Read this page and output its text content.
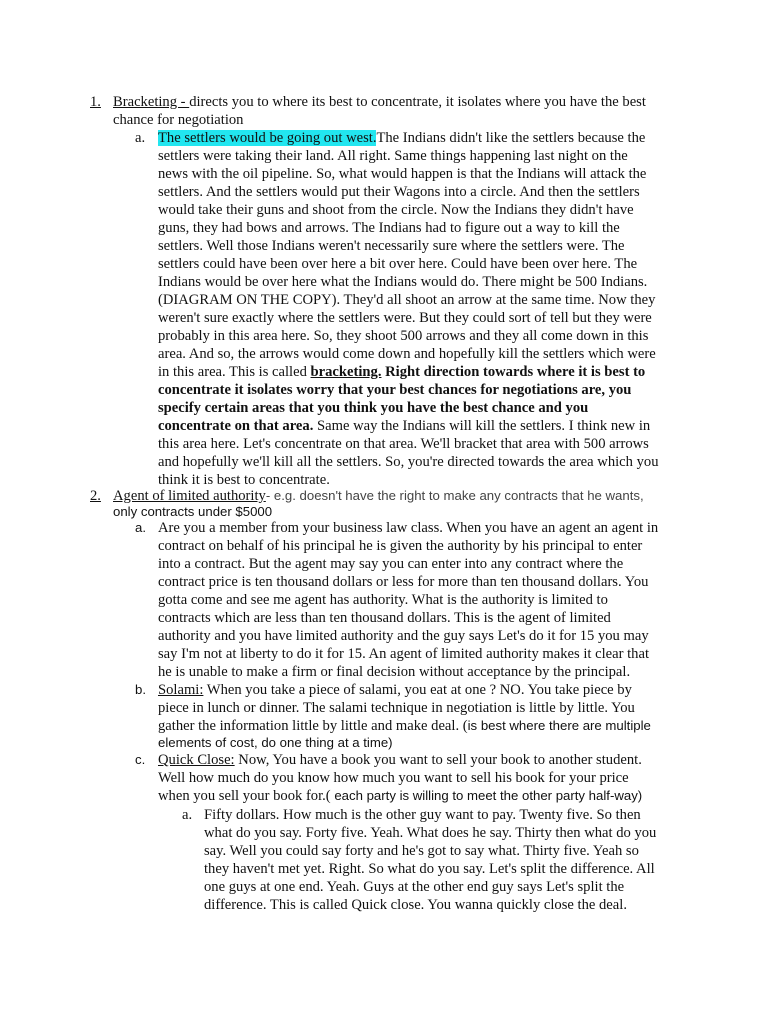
1. Bracketing - directs you to where its best to concentrate, it isolates where you have the best
chance for negotiation
a. The settlers would be going out west.The Indians didn't like the settlers because the
settlers were taking their land. All right. Same things happening last night on the
news with the oil pipeline. So, what would happen is that the Indians will attack the
settlers. And the settlers would put their Wagons into a circle. And then the settlers
would take their guns and shoot from the circle. Now the Indians they didn't have
guns, they had bows and arrows. The Indians had to figure out a way to kill the
settlers. Well those Indians weren't necessarily sure where the settlers were. The
settlers could have been over here a bit over here. Could have been over here. The
Indians would be over here what the Indians would do. There might be 500 Indians.
(DIAGRAM ON THE COPY). They'd all shoot an arrow at the same time. Now they
weren't sure exactly where the settlers were. But they could sort of tell but they were
probably in this area here. So, they shoot 500 arrows and they all come down in this
area. And so, the arrows would come down and hopefully kill the settlers which were
in this area. This is called bracketing. Right direction towards where it is best to
concentrate it isolates worry that your best chances for negotiations are, you
specify certain areas that you think you have the best chance and you
concentrate on that area. Same way the Indians will kill the settlers. I think new in
this area here. Let's concentrate on that area. We'll bracket that area with 500 arrows
and hopefully we'll kill all the settlers. So, you're directed towards the area which you
think it is best to concentrate.
2. Agent of limited authority- e.g. doesn't have the right to make any contracts that he wants,
only contracts under $5000
a. Are you a member from your business law class. When you have an agent an agent in
contract on behalf of his principal he is given the authority by his principal to enter
into a contract. But the agent may say you can enter into any contract where the
contract price is ten thousand dollars or less for more than ten thousand dollars. You
gotta come and see me agent has authority. What is the authority is limited to
contracts which are less than ten thousand dollars. This is the agent of limited
authority and you have limited authority and the guy says Let's do it for 15 you may
say I'm not at liberty to do it for 15. An agent of limited authority makes it clear that
he is unable to make a firm or final decision without acceptance by the principal.
b. Solami: When you take a piece of salami, you eat at one ? NO. You take piece by
piece in lunch or dinner. The salami technique in negotiation is little by little. You
gather the information little by little and make deal. (is best where there are multiple
elements of cost, do one thing at a time)
c. Quick Close: Now, You have a book you want to sell your book to another student.
Well how much do you know how much you want to sell his book for your price
when you sell your book for.( each party is willing to meet the other party half-way)
a. Fifty dollars. How much is the other guy want to pay. Twenty five. So then
what do you say. Forty five. Yeah. What does he say. Thirty then what do you
say. Well you could say forty and he's got to say what. Thirty five. Yeah so
they haven't met yet. Right. So what do you say. Let's split the difference. All
one guys at one end. Yeah. Guys at the other end guy says Let's split the
difference. This is called Quick close. You wanna quickly close the deal.
